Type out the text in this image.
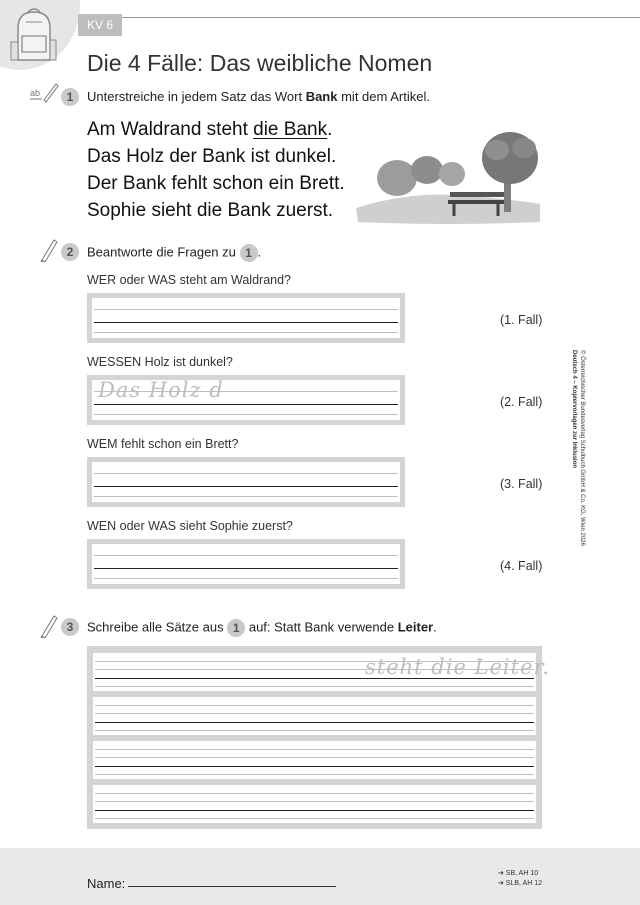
KV 6
Die 4 Fälle: Das weibliche Nomen
ab	1	Unterstreiche in jedem Satz das Wort Bank mit dem Artikel.
Am Waldrand steht die Bank.
Das Holz der Bank ist dunkel.
Der Bank fehlt schon ein Brett.
Sophie sieht die Bank zuerst.
2	Beantworte die Fragen zu 1 .
WER oder WAS steht am Waldrand?
(1. Fall)
WESSEN Holz ist dunkel?
Das Holz d	(2. Fall)
WEM fehlt schon ein Brett?
(3. Fall)
WEN oder WAS sieht Sophie zuerst?
(4. Fall)
© Österreichischer Bundesverlag Schulbuch GmbH & Co. KG, Wien 2026
Deutsch 4 – Kopiervorlagen zur Inklusion
3	Schreibe alle Sätze aus 1 auf: Statt Bank verwende Leiter.
steht die Leiter.
Name:
➔ SB, AH 10
➔ SLB, AH 12
